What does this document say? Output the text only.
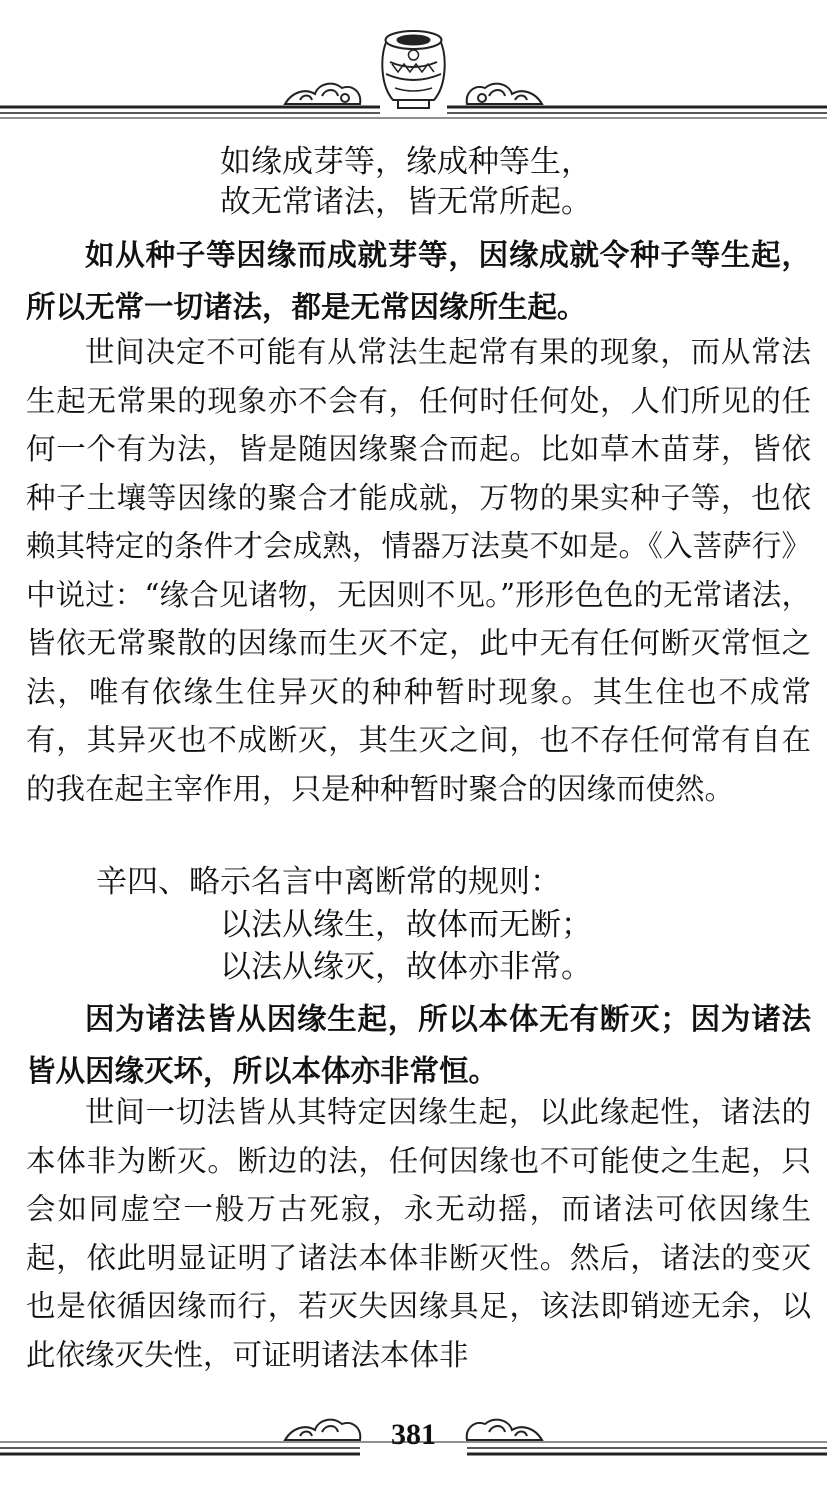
如缘成芽等，缘成种等生，
故无常诸法，皆无常所起。

如从种子等因缘而成就芽等，因缘成就令种子等生起，所以无常一切诸法，都是无常因缘所生起。

世间决定不可能有从常法生起常有果的现象，而从常法生起无常果的现象亦不会有，任何时任何处，人们所见的任何一个有为法，皆是随因缘聚合而起。比如草木苗芽，皆依种子土壤等因缘的聚合才能成就，万物的果实种子等，也依赖其特定的条件才会成熟，情器万法莫不如是。《入菩萨行》中说过：“缘合见诸物，无因则不见。”形形色色的无常诸法，皆依无常聚散的因缘而生灭不定，此中无有任何断灭常恒之法，唯有依缘生住异灭的种种暂时现象。其生住也不成常有，其异灭也不成断灭，其生灭之间，也不存任何常有自在的我在起主宰作用，只是种种暂时聚合的因缘而使然。

辛四、略示名言中离断常的规则：
以法从缘生，故体而无断；
以法从缘灭，故体亦非常。

因为诸法皆从因缘生起，所以本体无有断灭；因为诸法皆从因缘灭坏，所以本体亦非常恒。

世间一切法皆从其特定因缘生起，以此缘起性，诸法的本体非为断灭。断边的法，任何因缘也不可能使之生起，只会如同虚空一般万古死寂，永无动摇，而诸法可依因缘生起，依此明显证明了诸法本体非断灭性。然后，诸法的变灭也是依循因缘而行，若灭失因缘具足，该法即销迹无余，以此依缘灭失性，可证明诸法本体非

381
